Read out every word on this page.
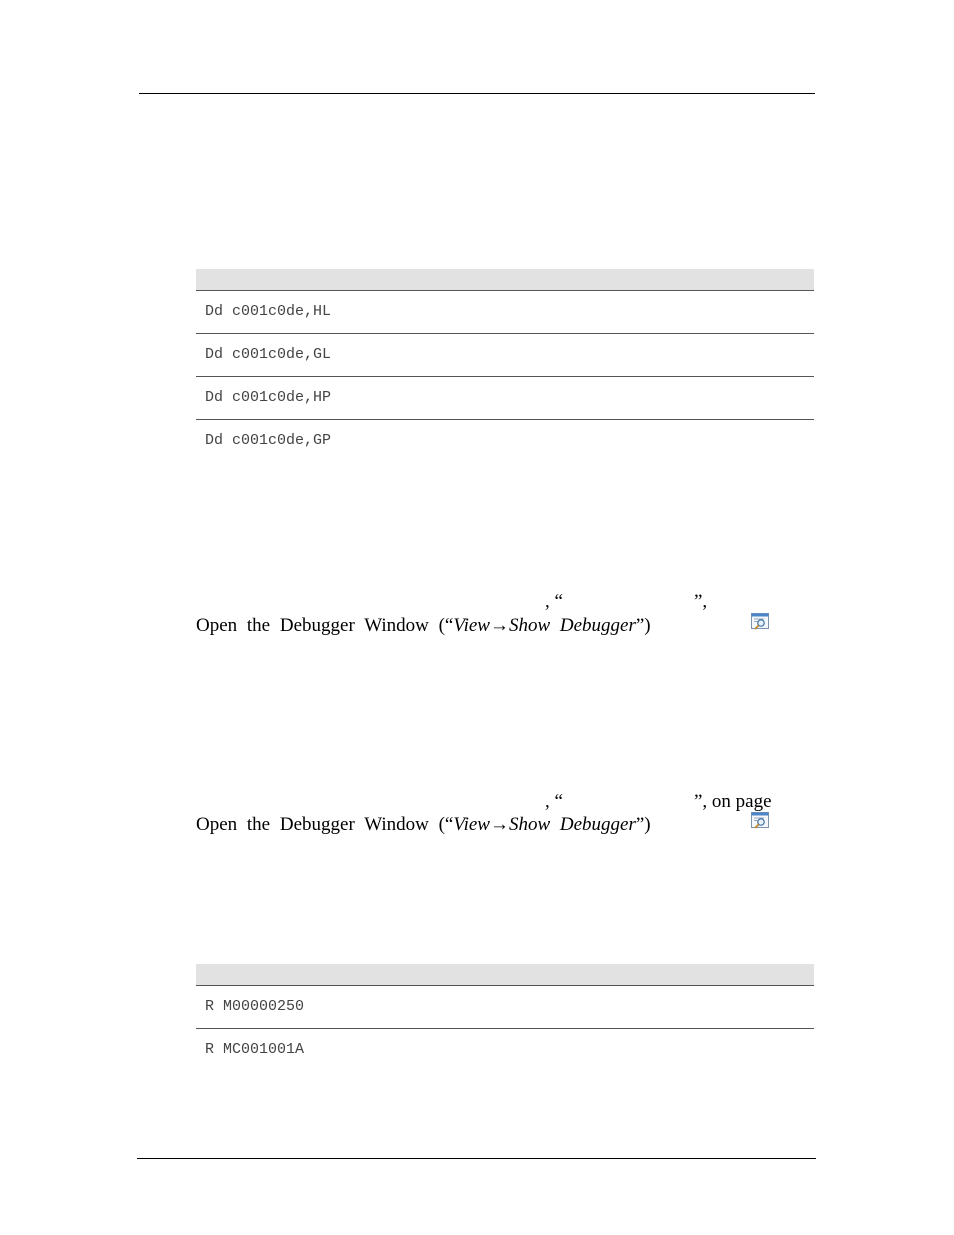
Dd c001c0de,HL
Dd c001c0de,GL
Dd c001c0de,HP
Dd c001c0de,GP
, “	”,
Open the Debugger Window (“View→Show Debugger”)
, “	”, on page
Open the Debugger Window (“View→Show Debugger”)
R M00000250
R MC001001A
